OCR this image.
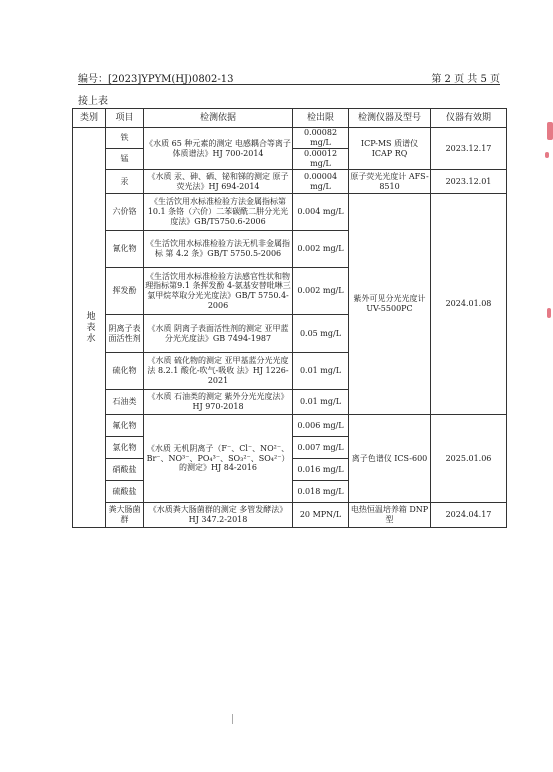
编号：[2023]YPYM(HJ)0802-13	第 2 页 共 5 页
接上表
类别	项目	检测依据	检出限	检测仪器及型号	仪器有效期

地表水	铁	《水质 65 种元素的测定 电感耦合等离子体质谱法》HJ 700-2014	0.00082 mg/L	ICP-MS 质谱仪 ICAP RQ	2023.12.17
	锰		0.00012 mg/L		
	汞	《水质 汞、砷、硒、铋和锑的测定 原子荧光法》HJ 694-2014	0.00004 mg/L	原子荧光光度计 AFS-8510	2023.12.01
	六价铬	《生活饮用水标准检验方法金属指标第 10.1 条铬（六价）二苯碳酰二肼分光光度法》GB/T5750.6-2006	0.004 mg/L	紫外可见分光光度计 UV-5500PC	2024.01.08
	氰化物	《生活饮用水标准检验方法无机非金属指标 第 4.2 条》GB/T 5750.5-2006	0.002 mg/L		
	挥发酚	《生活饮用水标准检验方法感官性状和物理指标第9.1 条挥发酚 4-氨基安替吡啉三氯甲烷萃取分光光度法》GB/T 5750.4-2006	0.002 mg/L		
	阴离子表面活性剂	《水质 阴离子表面活性剂的测定 亚甲蓝分光光度法》GB 7494-1987	0.05 mg/L		
	硫化物	《水质 硫化物的测定 亚甲基蓝分光光度法 8.2.1 酸化-吹气-吸收 法》HJ 1226-2021	0.01 mg/L		
	石油类	《水质 石油类的测定 紫外分光光度法》HJ 970-2018	0.01 mg/L		
	氟化物	《水质 无机阴离子（F⁻、Cl⁻、NO²⁻、Br⁻、NO³⁻、PO₄³⁻、SO₃²⁻、SO₄²⁻）的测定》HJ 84-2016	0.006 mg/L	离子色谱仪 ICS-600	2025.01.06
	氯化物		0.007 mg/L		
	硝酸盐		0.016 mg/L		
	硫酸盐		0.018 mg/L		
	粪大肠菌群	《水质粪大肠菌群的测定 多管发酵法》HJ 347.2-2018	20 MPN/L	电热恒温培养箱 DNP 型	2024.04.17
